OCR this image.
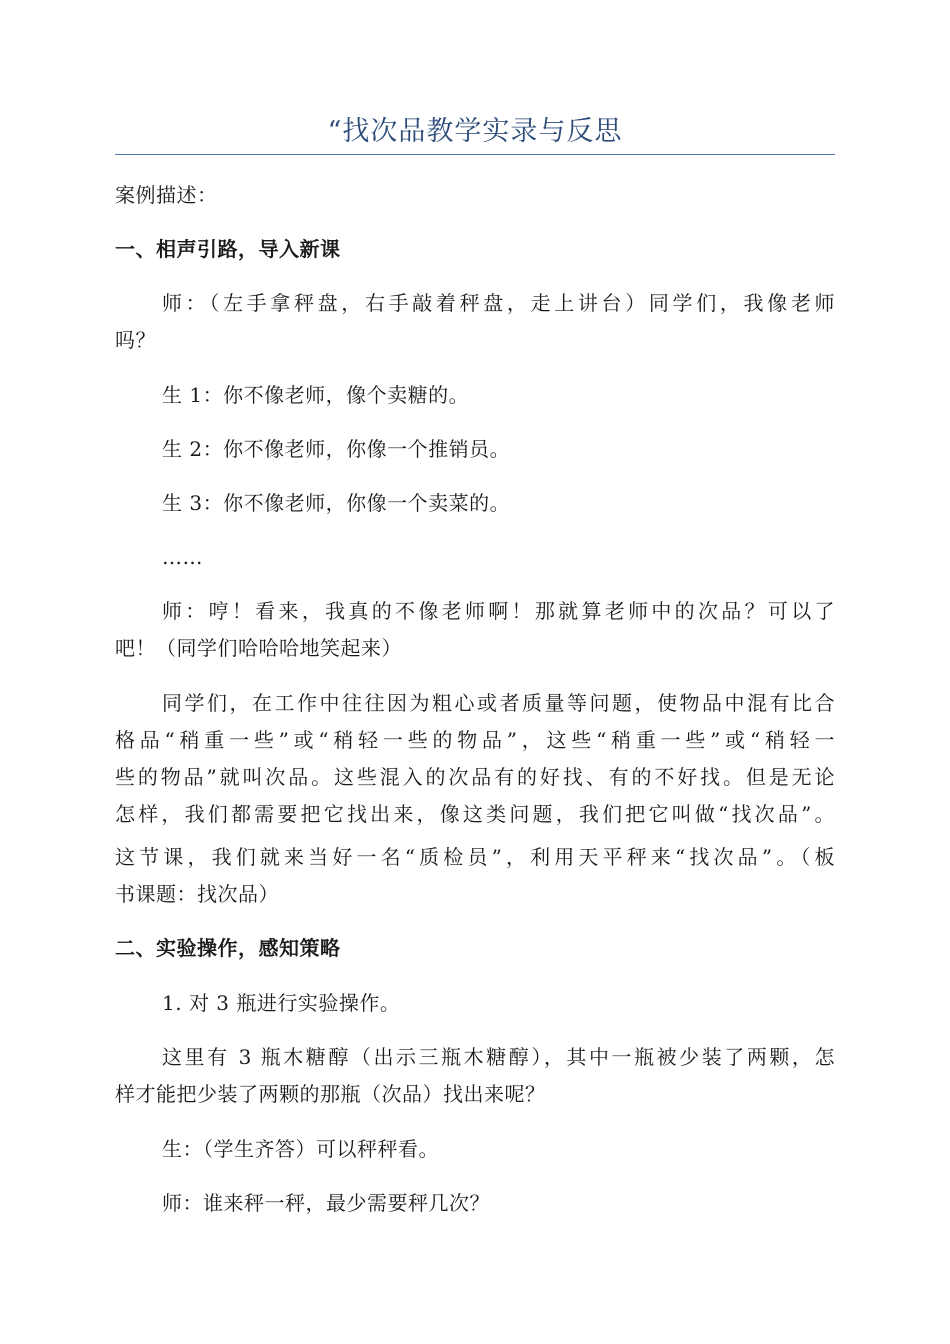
“找次品教学实录与反思
案例描述：
一、相声引路，导入新课
师：（左手拿秤盘，右手敲着秤盘，走上讲台）同学们，我像老师
吗？
生 1：你不像老师，像个卖糖的。
生 2：你不像老师，你像一个推销员。
生 3：你不像老师，你像一个卖菜的。
……
师：哼！看来，我真的不像老师啊！那就算老师中的次品？可以了
吧！（同学们哈哈哈地笑起来）
同学们，在工作中往往因为粗心或者质量等问题，使物品中混有比合
格品“稍重一些”或“稍轻一些的物品”，这些“稍重一些”或“稍轻一
些的物品”就叫次品。这些混入的次品有的好找、有的不好找。但是无论
怎样，我们都需要把它找出来，像这类问题，我们把它叫做“找次品”。
这节课，我们就来当好一名“质检员”，利用天平秤来“找次品”。（板
书课题：找次品）
二、实验操作，感知策略
1. 对 3 瓶进行实验操作。
这里有 3 瓶木糖醇（出示三瓶木糖醇），其中一瓶被少装了两颗，怎
样才能把少装了两颗的那瓶（次品）找出来呢？
生：（学生齐答）可以秤秤看。
师：谁来秤一秤，最少需要秤几次？
